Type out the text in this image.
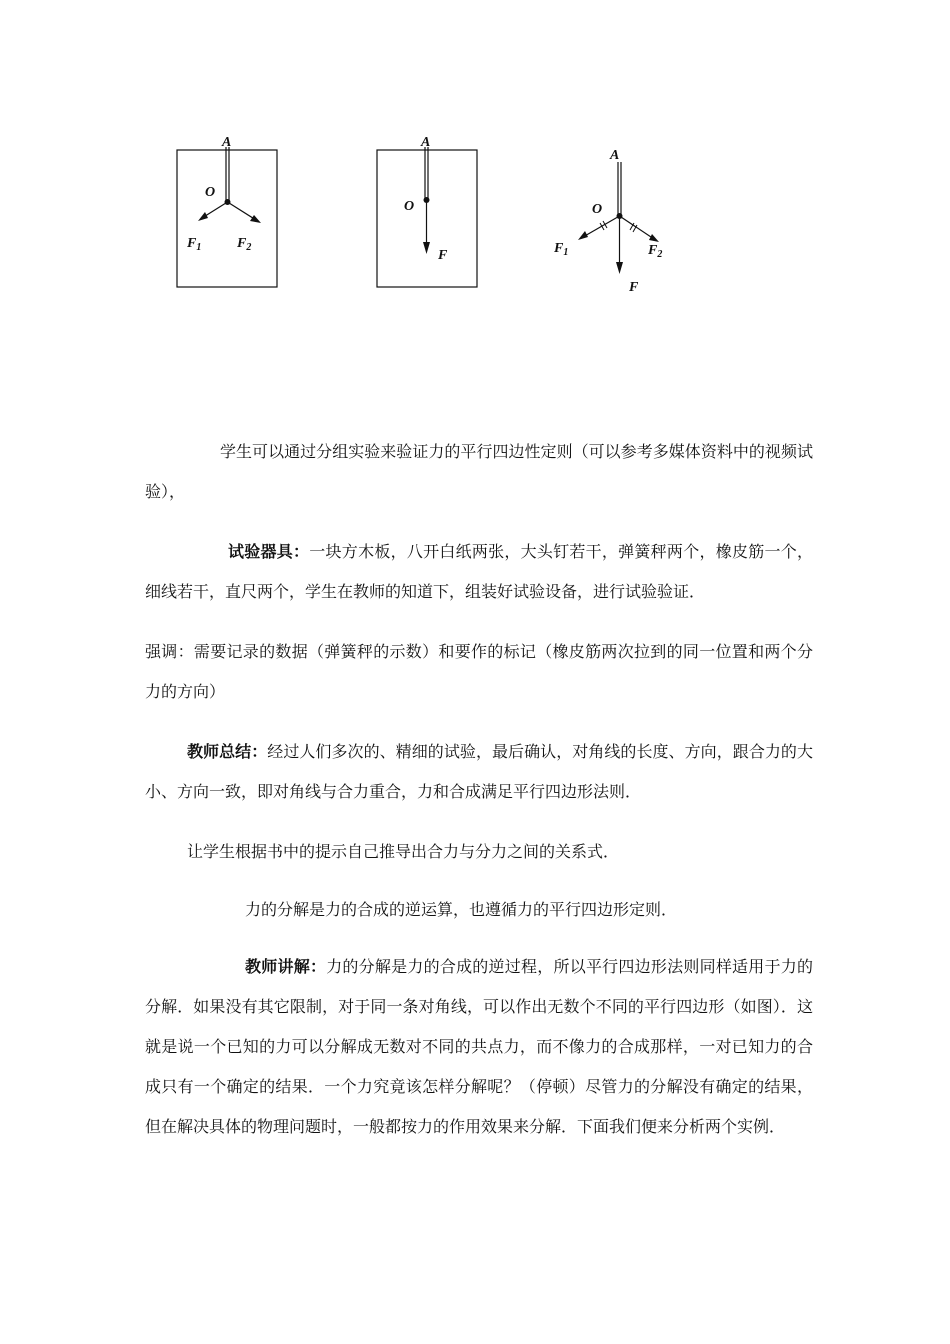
A
O
$F_1$	$F_2$
A
O
F
A
O
$F_1$	$F_2$
F

学生可以通过分组实验来验证力的平行四边性定则（可以参考多媒体资料中的视频试验），

试验器具：一块方木板，八开白纸两张，大头钉若干，弹簧秤两个，橡皮筋一个，细线若干，直尺两个，学生在教师的知道下，组装好试验设备，进行试验验证．

强调：需要记录的数据（弹簧秤的示数）和要作的标记（橡皮筋两次拉到的同一位置和两个分力的方向）

教师总结：经过人们多次的、精细的试验，最后确认，对角线的长度、方向，跟合力的大小、方向一致，即对角线与合力重合，力和合成满足平行四边形法则．

让学生根据书中的提示自己推导出合力与分力之间的关系式．

力的分解是力的合成的逆运算，也遵循力的平行四边形定则．

教师讲解：力的分解是力的合成的逆过程，所以平行四边形法则同样适用于力的分解．如果没有其它限制，对于同一条对角线，可以作出无数个不同的平行四边形（如图）．这就是说一个已知的力可以分解成无数对不同的共点力，而不像力的合成那样，一对已知力的合成只有一个确定的结果．一个力究竟该怎样分解呢？（停顿）尽管力的分解没有确定的结果，但在解决具体的物理问题时，一般都按力的作用效果来分解．下面我们便来分析两个实例．
